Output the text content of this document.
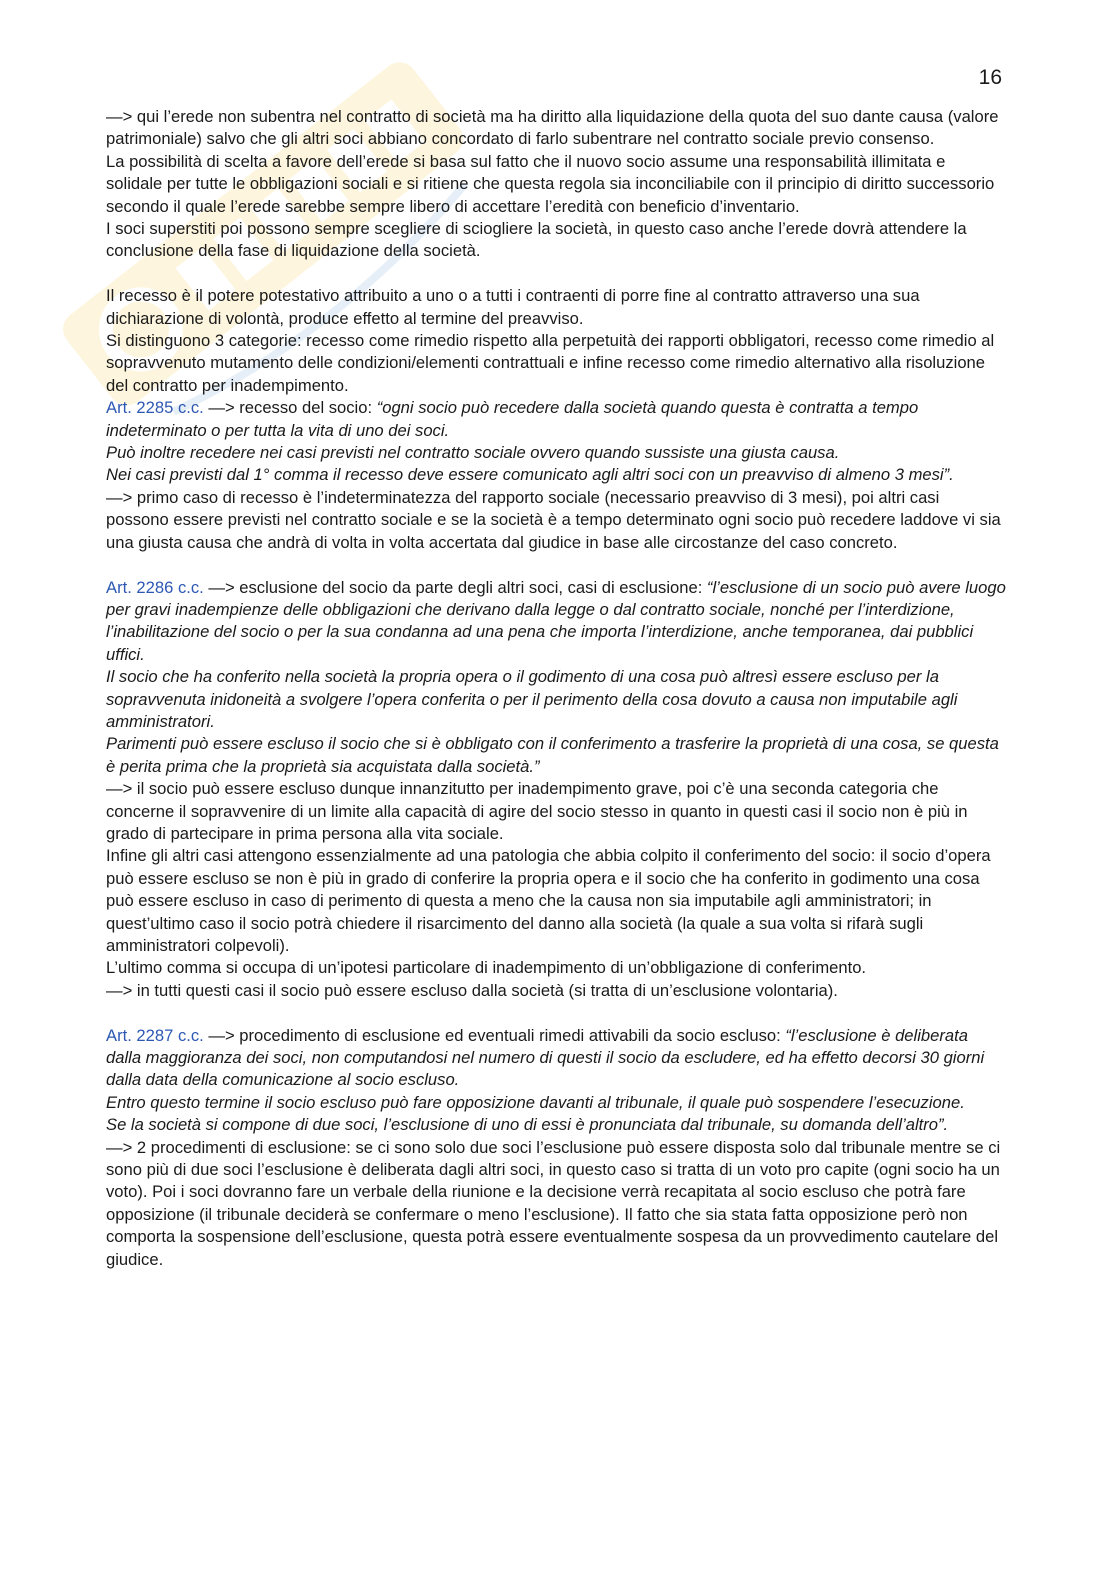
16

—> qui l’erede non subentra nel contratto di società ma ha diritto alla liquidazione della quota del suo dante causa (valore patrimoniale) salvo che gli altri soci abbiano concordato di farlo subentrare nel contratto sociale previo consenso.

La possibilità di scelta a favore dell’erede si basa sul fatto che il nuovo socio assume una responsabilità illimitata e solidale per tutte le obbligazioni sociali e si ritiene che questa regola sia inconciliabile con il principio di diritto successorio secondo il quale l’erede sarebbe sempre libero di accettare l’eredità con beneficio d’inventario.

I soci superstiti poi possono sempre scegliere di sciogliere la società, in questo caso anche l’erede dovrà attendere la conclusione della fase di liquidazione della società.

Il recesso è il potere potestativo attribuito a uno o a tutti i contraenti di porre fine al contratto attraverso una sua dichiarazione di volontà, produce effetto al termine del preavviso.

Si distinguono 3 categorie: recesso come rimedio rispetto alla perpetuità dei rapporti obbligatori, recesso come rimedio al sopravvenuto mutamento delle condizioni/elementi contrattuali e infine recesso come rimedio alternativo alla risoluzione del contratto per inadempimento.

Art. 2285 c.c. —> recesso del socio: “ogni socio può recedere dalla società quando questa è contratta a tempo indeterminato o per tutta la vita di uno dei soci.

Può inoltre recedere nei casi previsti nel contratto sociale ovvero quando sussiste una giusta causa.

Nei casi previsti dal 1° comma il recesso deve essere comunicato agli altri soci con un preavviso di almeno 3 mesi”.

—> primo caso di recesso è l’indeterminatezza del rapporto sociale (necessario preavviso di 3 mesi), poi altri casi possono essere previsti nel contratto sociale e se la società è a tempo determinato ogni socio può recedere laddove vi sia una giusta causa che andrà di volta in volta accertata dal giudice in base alle circostanze del caso concreto.

Art. 2286 c.c. —> esclusione del socio da parte degli altri soci, casi di esclusione: “l’esclusione di un socio può avere luogo per gravi inadempienze delle obbligazioni che derivano dalla legge o dal contratto sociale, nonché per l’interdizione, l’inabilitazione del socio o per la sua condanna ad una pena che importa l’interdizione, anche temporanea, dai pubblici uffici.

Il socio che ha conferito nella società la propria opera o il godimento di una cosa può altresì essere escluso per la sopravvenuta inidoneità a svolgere l’opera conferita o per il perimento della cosa dovuto a causa non imputabile agli amministratori.

Parimenti può essere escluso il socio che si è obbligato con il conferimento a trasferire la proprietà di una cosa, se questa è perita prima che la proprietà sia acquistata dalla società.”

—> il socio può essere escluso dunque innanzitutto per inadempimento grave, poi c’è una seconda categoria che concerne il sopravvenire di un limite alla capacità di agire del socio stesso in quanto in questi casi il socio non è più in grado di partecipare in prima persona alla vita sociale.

Infine gli altri casi attengono essenzialmente ad una patologia che abbia colpito il conferimento del socio: il socio d’opera può essere escluso se non è più in grado di conferire la propria opera e il socio che ha conferito in godimento una cosa può essere escluso in caso di perimento di questa a meno che la causa non sia imputabile agli amministratori; in quest’ultimo caso il socio potrà chiedere il risarcimento del danno alla società (la quale a sua volta si rifarà sugli amministratori colpevoli).

L’ultimo comma si occupa di un’ipotesi particolare di inadempimento di un’obbligazione di conferimento.

—> in tutti questi casi il socio può essere escluso dalla società (si tratta di un’esclusione volontaria).

Art. 2287 c.c. —> procedimento di esclusione ed eventuali rimedi attivabili da socio escluso: “l’esclusione è deliberata dalla maggioranza dei soci, non computandosi nel numero di questi il socio da escludere, ed ha effetto decorsi 30 giorni dalla data della comunicazione al socio escluso.

Entro questo termine il socio escluso può fare opposizione davanti al tribunale, il quale può sospendere l’esecuzione.

Se la società si compone di due soci, l’esclusione di uno di essi è pronunciata dal tribunale, su domanda dell’altro”.

—> 2 procedimenti di esclusione: se ci sono solo due soci l’esclusione può essere disposta solo dal tribunale mentre se ci sono più di due soci l’esclusione è deliberata dagli altri soci, in questo caso si tratta di un voto pro capite (ogni socio ha un voto). Poi i soci dovranno fare un verbale della riunione e la decisione verrà recapitata al socio escluso che potrà fare opposizione (il tribunale deciderà se confermare o meno l’esclusione). Il fatto che sia stata fatta opposizione però non comporta la sospensione dell’esclusione, questa potrà essere eventualmente sospesa da un provvedimento cautelare del giudice.
